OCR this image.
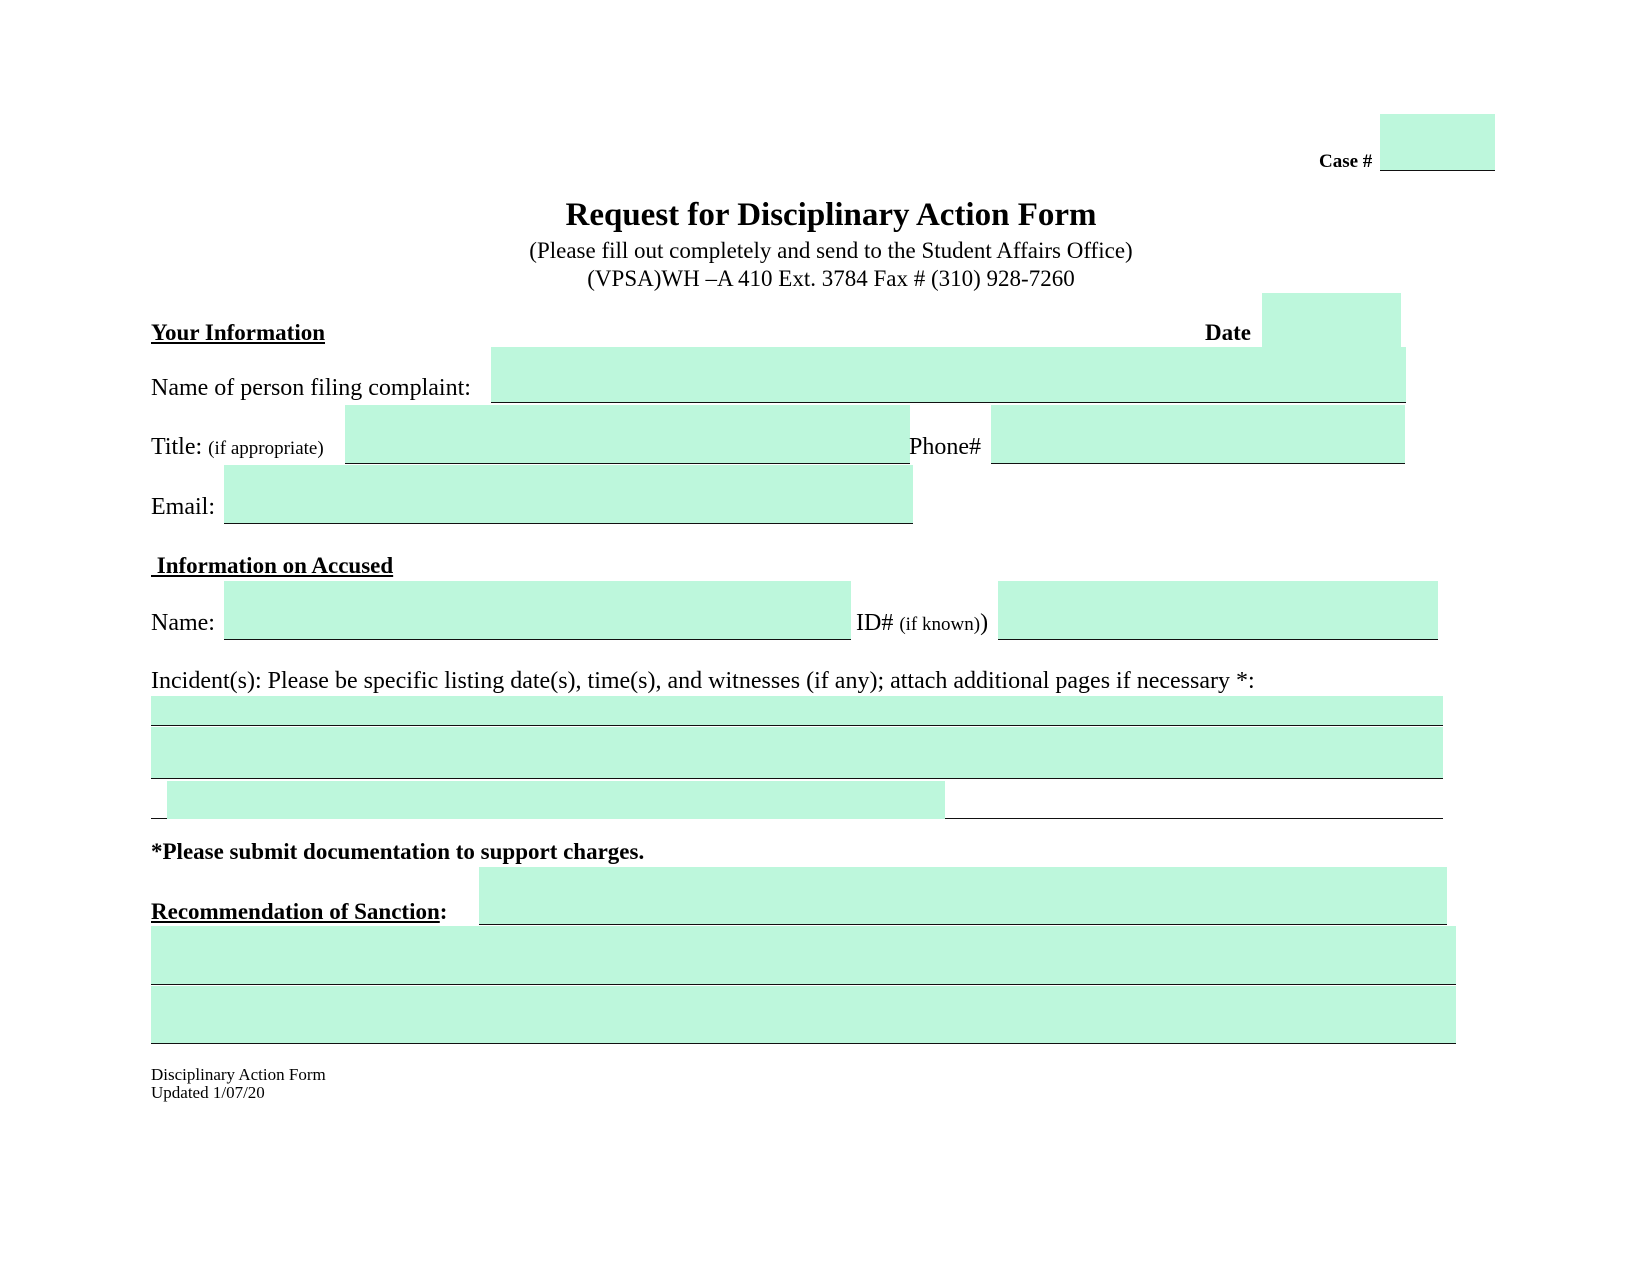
Case #
Request for Disciplinary Action Form
(Please fill out completely and send to the Student Affairs Office)
(VPSA)WH –A 410 Ext. 3784 Fax # (310) 928-7260
Your Information	Date
Name of person filing complaint:
Title: (if appropriate)	Phone#
Email:
Information on Accused
Name:	ID# (if known))
Incident(s): Please be specific listing date(s), time(s), and witnesses (if any); attach additional pages if necessary *:
*Please submit documentation to support charges.
Recommendation of Sanction:
Disciplinary Action Form
Updated 1/07/20
